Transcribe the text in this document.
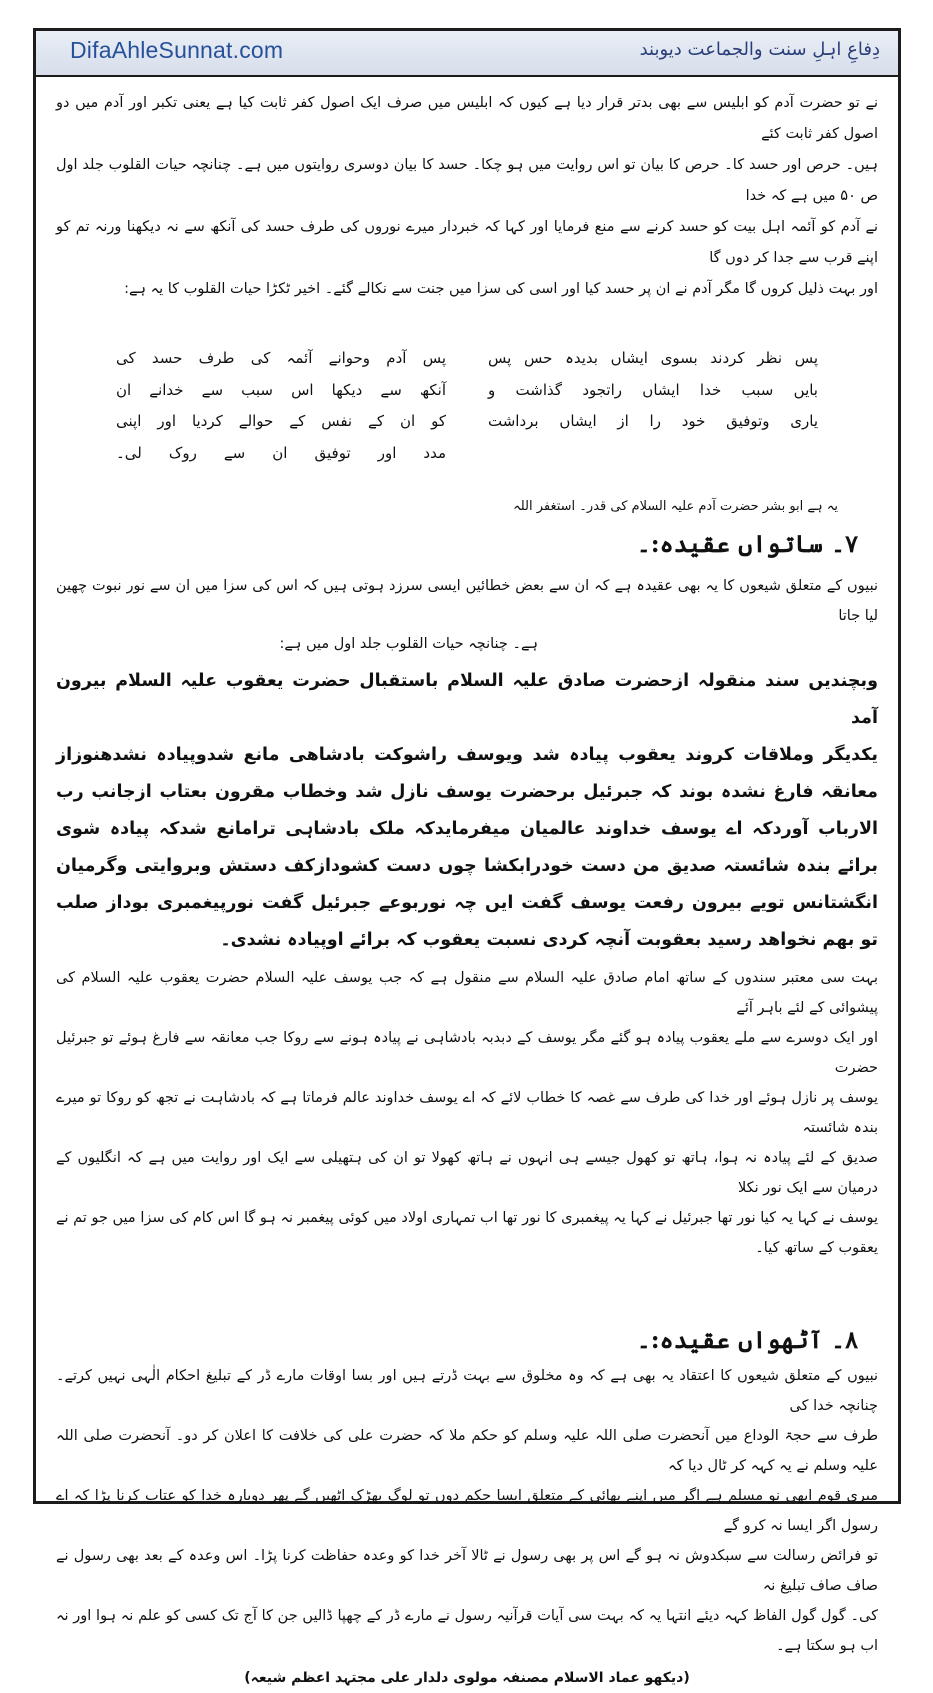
DifaAhleSunnat.com	دِفاعِ اہلِ سنت والجماعت دیوبند
نے تو حضرت آدم کو ابلیس سے بھی بدتر قرار دیا ہے کیوں کہ ابلیس میں صرف ایک اصول کفر ثابت کیا ہے یعنی تکبر اور آدم میں دو اصول کفر ثابت کئے
ہیں۔ حرص اور حسد کا۔ حرص کا بیان تو اس روایت میں ہو چکا۔ حسد کا بیان دوسری روایتوں میں ہے۔ چنانچہ حیات القلوب جلد اول ص ۵۰ میں ہے کہ خدا
نے آدم کو آئمہ اہل بیت کو حسد کرنے سے منع فرمایا اور کہا کہ خبردار میرے نوروں کی طرف حسد کی آنکھ سے نہ دیکھنا ورنہ تم کو اپنے قرب سے جدا کر دوں گا
اور بہت ذلیل کروں گا مگر آدم نے ان پر حسد کیا اور اسی کی سزا میں جنت سے نکالے گئے۔ اخیر ٹکڑا حیات القلوب کا یہ ہے:
پس نظر کردند بسوی ایشاں بدیدہ حس پس
بایں سبب خدا ایشاں راتجود گذاشت و
یاری وتوفیق خود را از ایشاں برداشت
پس آدم وحوانے آئمہ کی طرف حسد کی
آنکھ سے دیکھا اس سبب سے خدانے ان
کو ان کے نفس کے حوالے کردیا اور اپنی
مدد اور توفیق ان سے روک لی۔
یہ ہے ابو بشر حضرت آدم علیہ السلام کی قدر۔ استغفر اللہ
۷۔ ساتواں عقیدہ:۔
نبیوں کے متعلق شیعوں کا یہ بھی عقیدہ ہے کہ ان سے بعض خطائیں ایسی سرزد ہوتی ہیں کہ اس کی سزا میں ان سے نور نبوت چھین لیا جاتا
ہے۔ چنانچہ حیات القلوب جلد اول میں ہے:
وبچندیں سند منقولہ ازحضرت صادق علیہ السلام باستقبال حضرت یعقوب علیہ السلام بیرون آمد
یکدیگر وملاقات کروند یعقوب پیادہ شد ویوسف راشوکت بادشاھی مانع شدوپیادہ نشدھنوزاز
معانقہ فارغ نشدہ بوند کہ جبرئیل برحضرت یوسف نازل شد وخطاب مقرون بعتاب ازجانب رب
الارباب آوردکہ اے یوسف خداوند عالمیان میفرمایدکہ ملک بادشاہی ترامانع شدکہ پیادہ شوی
برائے بندہ شائستہ صدیق من دست خودرابکشا چوں دست کشودازکف دستش وبروایتی وگرمیان
انگشتانس تویے بیرون رفعت یوسف گفت ایں چہ نوربوعے جبرئیل گفت نورپیغمبری بوداز صلب
تو بھم نخواهد رسید بعقوبت آنچہ کردی نسبت یعقوب کہ برائے اوپیادہ نشدی۔
بہت سی معتبر سندوں کے ساتھ امام صادق علیہ السلام سے منقول ہے کہ جب یوسف علیہ السلام حضرت یعقوب علیہ السلام کی پیشوائی کے لئے باہر آئے
اور ایک دوسرے سے ملے یعقوب پیادہ ہو گئے مگر یوسف کے دبدبہ بادشاہی نے پیادہ ہونے سے روکا جب معانقہ سے فارغ ہوئے تو جبرئیل حضرت
یوسف پر نازل ہوئے اور خدا کی طرف سے غصہ کا خطاب لائے کہ اے یوسف خداوند عالم فرماتا ہے کہ بادشاہت نے تجھ کو روکا تو میرے بندہ شائستہ
صدیق کے لئے پیادہ نہ ہوا، ہاتھ تو کھول جیسے ہی انہوں نے ہاتھ کھولا تو ان کی ہتھیلی سے ایک اور روایت میں ہے کہ انگلیوں کے درمیان سے ایک نور نکلا
یوسف نے کہا یہ کیا نور تھا جبرئیل نے کہا یہ پیغمبری کا نور تھا اب تمہاری اولاد میں کوئی پیغمبر نہ ہو گا اس کام کی سزا میں جو تم نے یعقوب کے ساتھ کیا۔
۸۔ آٹھواں عقیدہ:۔
نبیوں کے متعلق شیعوں کا اعتقاد یہ بھی ہے کہ وہ مخلوق سے بہت ڈرتے ہیں اور بسا اوقات مارے ڈر کے تبلیغ احکام الٰہی نہیں کرتے۔ چنانچہ خدا کی
طرف سے حجۃ الوداع میں آنحضرت صلی اللہ علیہ وسلم کو حکم ملا کہ حضرت علی کی خلافت کا اعلان کر دو۔ آنحضرت صلی اللہ علیہ وسلم نے یہ کہہ کر ٹال دیا کہ
میری قوم ابھی نو مسلم ہے اگر میں اپنے بھائی کے متعلق ایسا حکم دوں تو لوگ بھڑک اٹھیں گے پھر دوبارہ خدا کو عتاب کرنا پڑا کہ اے رسول اگر ایسا نہ کرو گے
تو فرائض رسالت سے سبکدوش نہ ہو گے اس پر بھی رسول نے ٹالا آخر خدا کو وعدہ حفاظت کرنا پڑا۔ اس وعدہ کے بعد بھی رسول نے صاف صاف تبلیغ نہ
کی۔ گول گول الفاظ کہہ دیئے انتہا یہ کہ بہت سی آیات قرآنیہ رسول نے مارے ڈر کے چھپا ڈالیں جن کا آج تک کسی کو علم نہ ہوا اور نہ اب ہو سکتا ہے۔
(دیکھو عماد الاسلام مصنفہ مولوی دلدار علی مجتہد اعظم شیعہ)
